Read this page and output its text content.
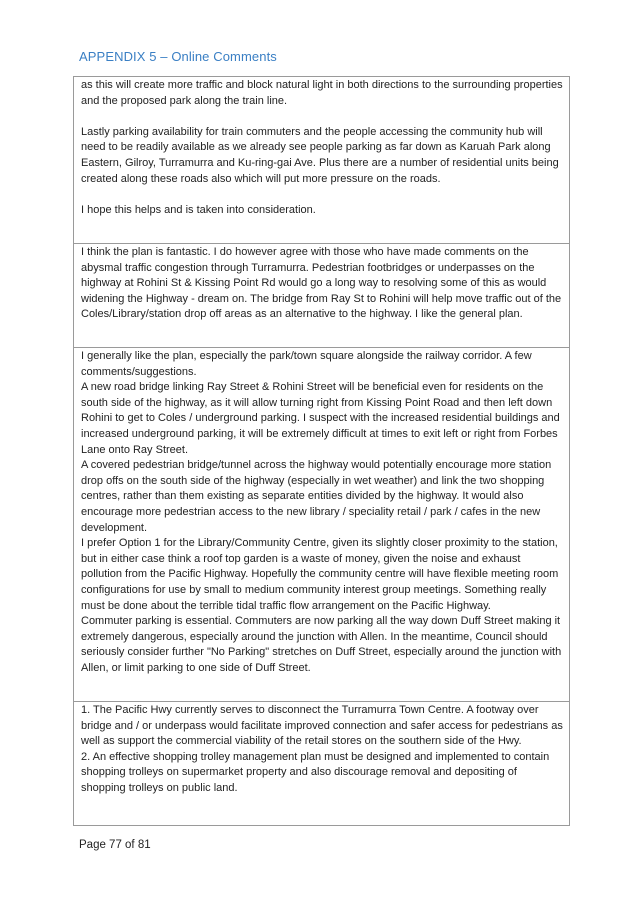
APPENDIX 5 – Online Comments

as this will create more traffic and block natural light in both directions to the surrounding properties and the proposed park along the train line.

Lastly parking availability for train commuters and the people accessing the community hub will need to be readily available as we already see people parking as far down as Karuah Park along Eastern, Gilroy, Turramurra and Ku-ring-gai Ave. Plus there are a number of residential units being created along these roads also which will put more pressure on the roads.

I hope this helps and is taken into consideration.

I think the plan is fantastic. I do however agree with those who have made comments on the abysmal traffic congestion through Turramurra. Pedestrian footbridges or underpasses on the highway at Rohini St & Kissing Point Rd would go a long way to resolving some of this as would widening the Highway - dream on. The bridge from Ray St to Rohini will help move traffic out of the Coles/Library/station drop off areas as an alternative to the highway. I like the general plan.

I generally like the plan, especially the park/town square alongside the railway corridor. A few comments/suggestions.

A new road bridge linking Ray Street & Rohini Street will be beneficial even for residents on the south side of the highway, as it will allow turning right from Kissing Point Road and then left down Rohini to get to Coles / underground parking. I suspect with the increased residential buildings and increased underground parking, it will be extremely difficult at times to exit left or right from Forbes Lane onto Ray Street.

A covered pedestrian bridge/tunnel across the highway would potentially encourage more station drop offs on the south side of the highway (especially in wet weather) and link the two shopping centres, rather than them existing as separate entities divided by the highway. It would also encourage more pedestrian access to the new library / speciality retail / park / cafes in the new development.

I prefer Option 1 for the Library/Community Centre, given its slightly closer proximity to the station, but in either case think a roof top garden is a waste of money, given the noise and exhaust pollution from the Pacific Highway. Hopefully the community centre will have flexible meeting room configurations for use by small to medium community interest group meetings. Something really must be done about the terrible tidal traffic flow arrangement on the Pacific Highway.

Commuter parking is essential. Commuters are now parking all the way down Duff Street making it extremely dangerous, especially around the junction with Allen. In the meantime, Council should seriously consider further "No Parking" stretches on Duff Street, especially around the junction with Allen, or limit parking to one side of Duff Street.

1. The Pacific Hwy currently serves to disconnect the Turramurra Town Centre. A footway over bridge and / or underpass would facilitate improved connection and safer access for pedestrians as well as support the commercial viability of the retail stores on the southern side of the Hwy.

2. An effective shopping trolley management plan must be designed and implemented to contain shopping trolleys on supermarket property and also discourage removal and depositing of shopping trolleys on public land.

Page 77 of 81
